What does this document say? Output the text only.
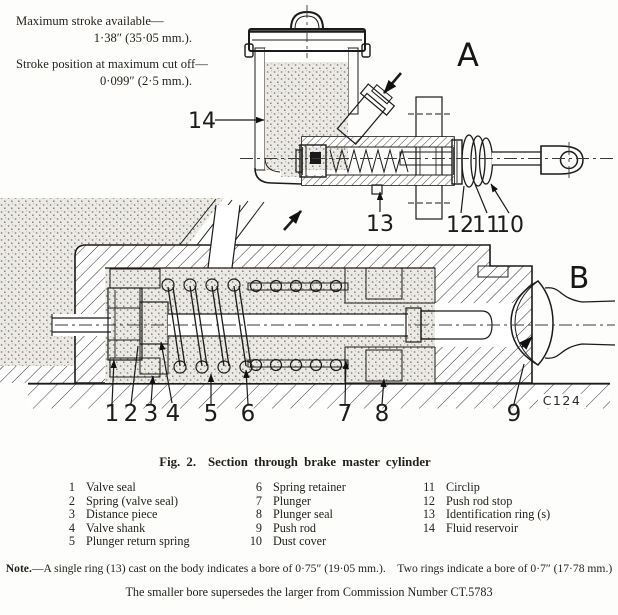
Maximum stroke available—

1·38″ (35·05 mm.).

Stroke position at maximum cut off—

0·099″ (2·5 mm.).

1 2 3 4 5 6	7 8	9
B
C124
14
13 12
11
10
A
Fig. 2. Section through brake master cylinder
1 Valve seal
2 Spring (valve seal)
3 Distance piece
4 Valve shank
5 Plunger return spring
6 Spring retainer
7 Plunger
8 Plunger seal
9 Push rod
10 Dust cover
11 Circlip
12 Push rod stop
13 Identification ring (s)
14 Fluid reservoir
Note.—A single ring (13) cast on the body indicates a bore of 0·75″ (19·05 mm.).  Two rings indicate a bore of 0·7″ (17·78 mm.)
The smaller bore supersedes the larger from Commission Number CT.5783
